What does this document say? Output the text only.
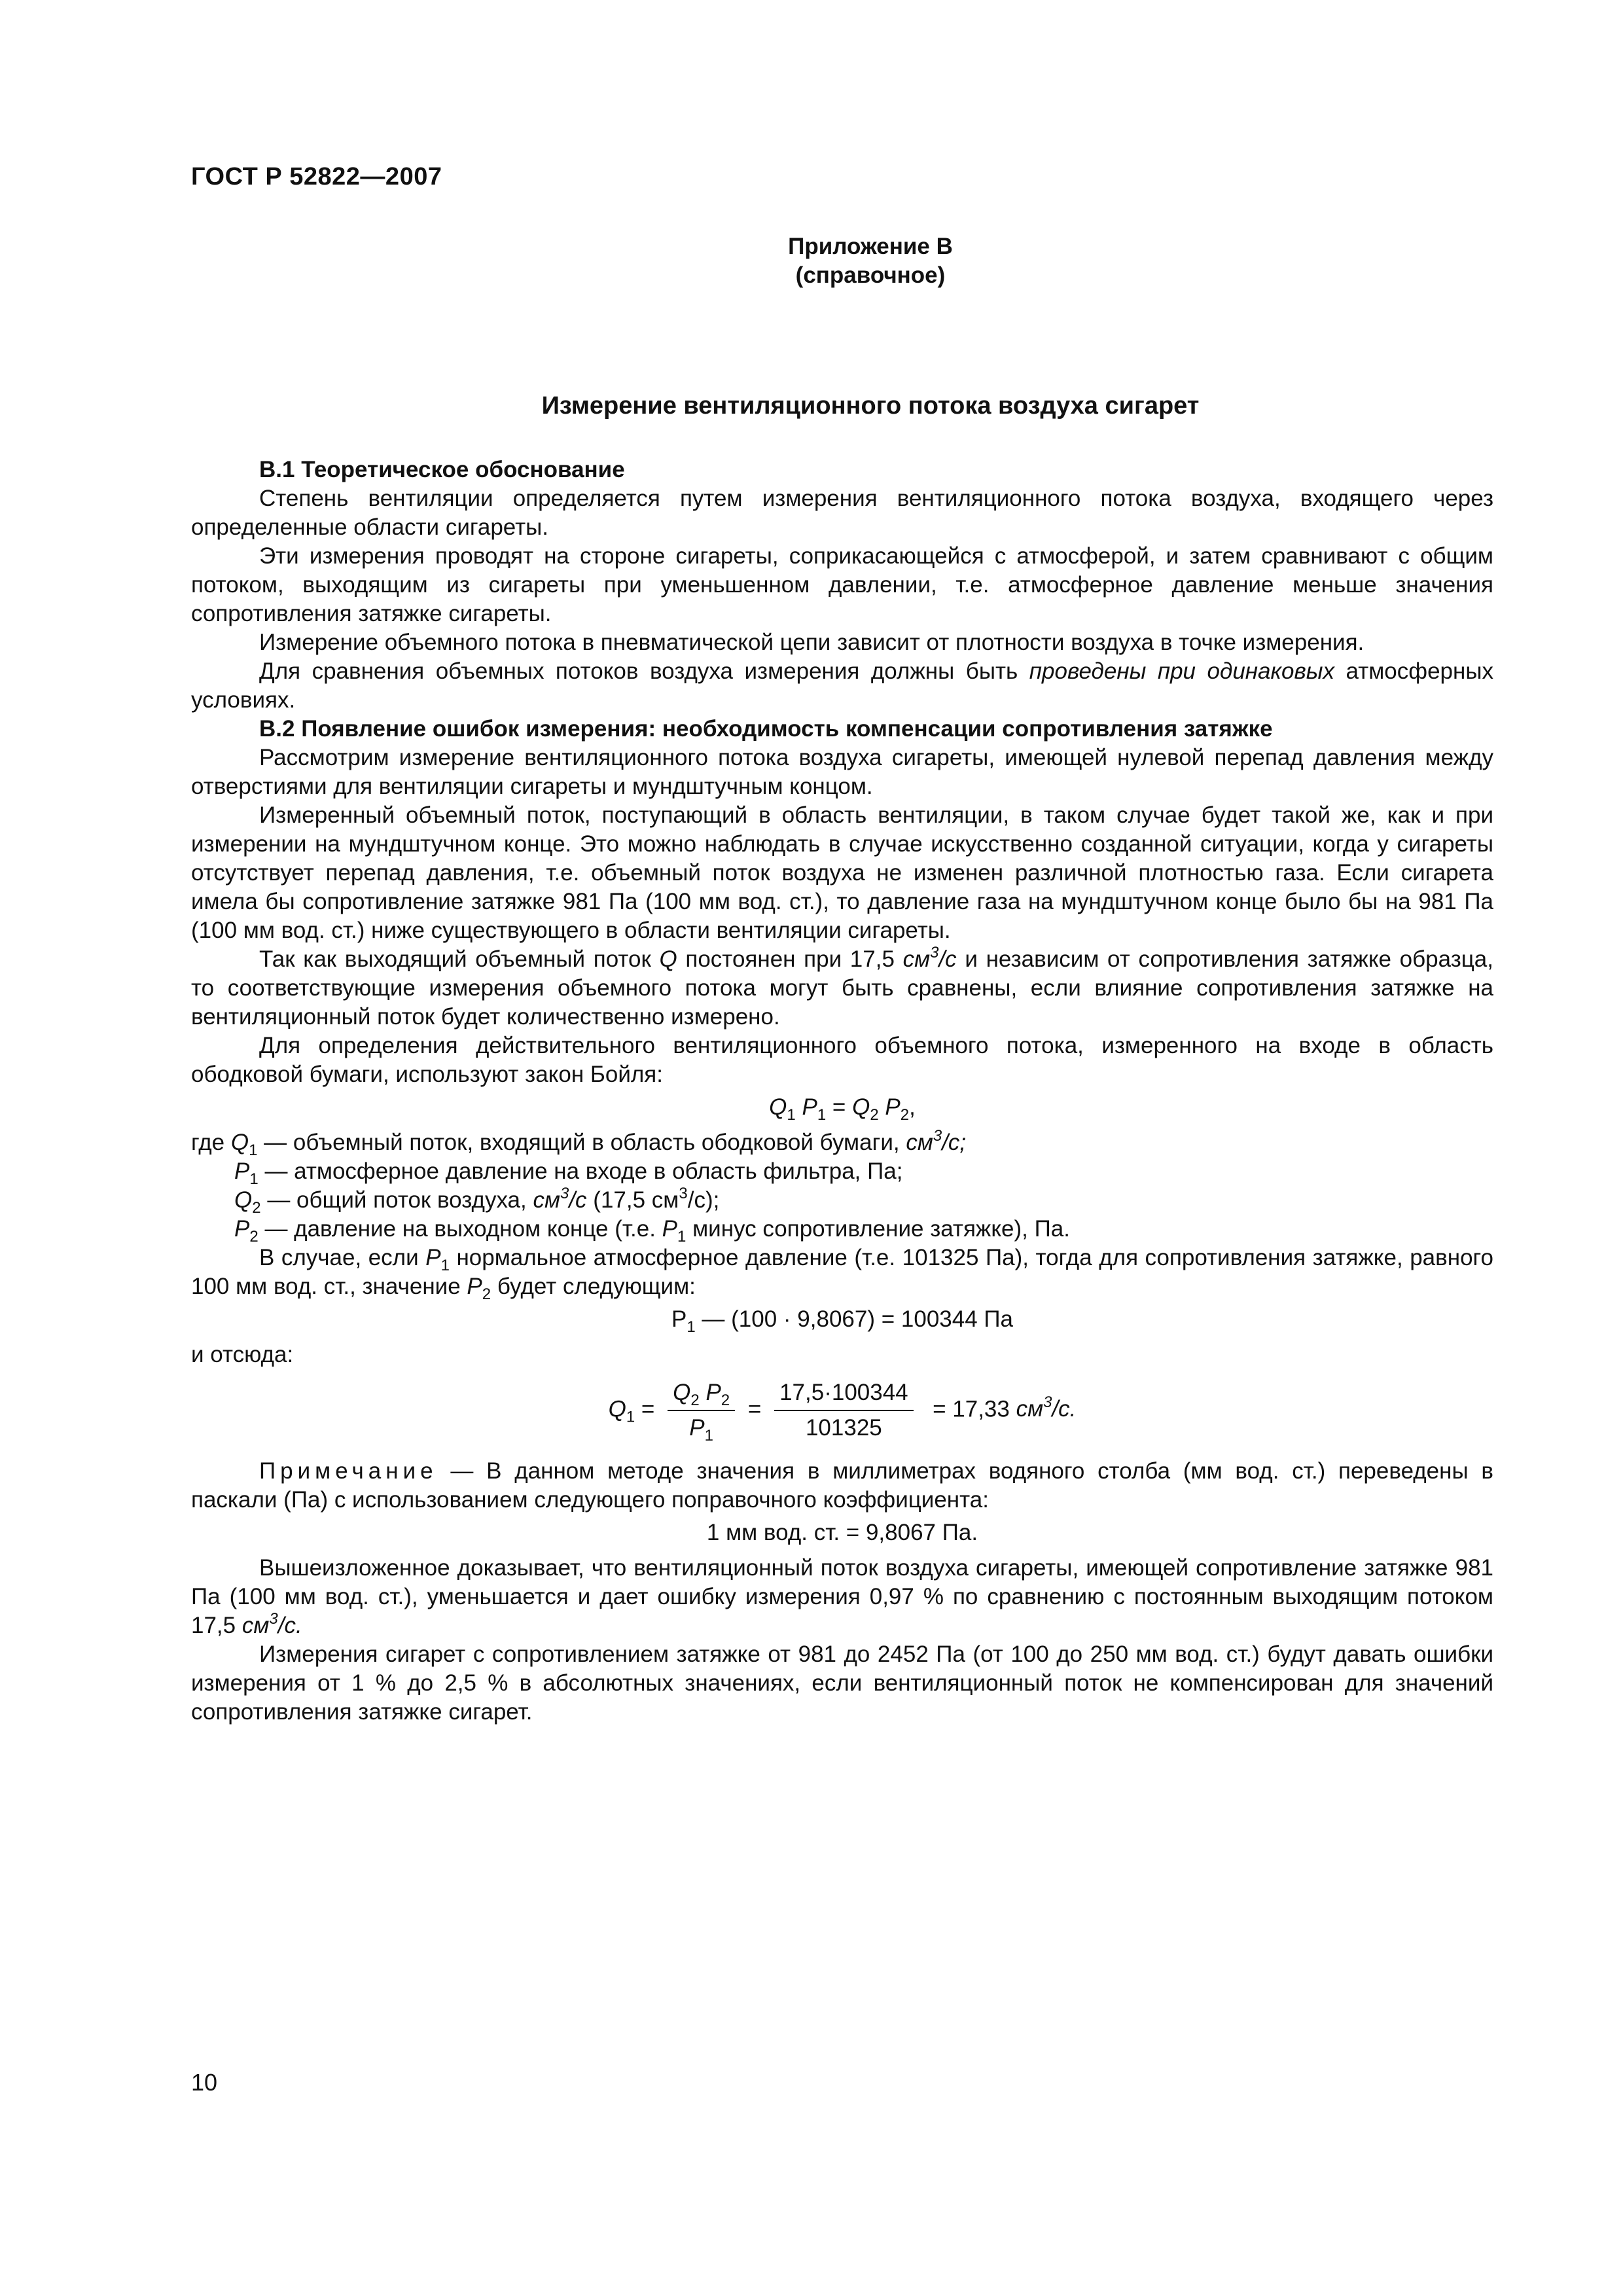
ГОСТ Р 52822—2007
Приложение В
(справочное)
Измерение вентиляционного потока воздуха сигарет

В.1 Теоретическое обоснование

Степень вентиляции определяется путем измерения вентиляционного потока воздуха, входящего через определенные области сигареты.

Эти измерения проводят на стороне сигареты, соприкасающейся с атмосферой, и затем сравнивают с общим потоком, выходящим из сигареты при уменьшенном давлении, т.е. атмосферное давление меньше значения сопротивления затяжке сигареты.

Измерение объемного потока в пневматической цепи зависит от плотности воздуха в точке измерения.

Для сравнения объемных потоков воздуха измерения должны быть проведены при одинаковых атмосферных условиях.

В.2 Появление ошибок измерения: необходимость компенсации сопротивления затяжке

Рассмотрим измерение вентиляционного потока воздуха сигареты, имеющей нулевой перепад давления между отверстиями для вентиляции сигареты и мундштучным концом.

Измеренный объемный поток, поступающий в область вентиляции, в таком случае будет такой же, как и при измерении на мундштучном конце. Это можно наблюдать в случае искусственно созданной ситуации, когда у сигареты отсутствует перепад давления, т.е. объемный поток воздуха не изменен различной плотностью газа. Если сигарета имела бы сопротивление затяжке 981 Па (100 мм вод. ст.), то давление газа на мундштучном конце было бы на 981 Па (100 мм вод. ст.) ниже существующего в области вентиляции сигареты.

Так как выходящий объемный поток Q постоянен при 17,5 $см^3/с$ и независим от сопротивления затяжке образца, то соответствующие измерения объемного потока могут быть сравнены, если влияние сопротивления затяжке на вентиляционный поток будет количественно измерено.

Для определения действительного вентиляционного объемного потока, измеренного на входе в область ободковой бумаги, используют закон Бойля:

$Q_1$ $P_1 = Q_2$ $P_2$,

где $Q_1$ — объемный поток, входящий в область ободковой бумаги, $см^3/с$;

$P_1$ — атмосферное давление на входе в область фильтра, Па;

$Q_2$ — общий поток воздуха, $см^3/с$ (17,5 $см^3/с$);

$P_2$ — давление на выходном конце (т.е. $P_1$ минус сопротивление затяжке), Па.

В случае, если $P_1$ нормальное атмосферное давление (т.е. 101325 Па), тогда для сопротивления затяжке, равного 100 мм вод. ст., значение $P_2$ будет следующим:

$P_1$ — (100 · 9,8067) = 100344 Па

и отсюда:

$Q_1 = \frac{Q_2 P_2}{P_1} = \frac{17,5\cdot 100344}{101325} = 17,33$ $см^3/с$.

Примечание — В данном методе значения в миллиметрах водяного столба (мм вод. ст.) переведены в паскали (Па) с использованием следующего поправочного коэффициента:

1 мм вод. ст. = 9,8067 Па.

Вышеизложенное доказывает, что вентиляционный поток воздуха сигареты, имеющей сопротивление затяжке 981 Па (100 мм вод. ст.), уменьшается и дает ошибку измерения 0,97 % по сравнению с постоянным выходящим потоком 17,5 $см^3/с$.

Измерения сигарет с сопротивлением затяжке от 981 до 2452 Па (от 100 до 250 мм вод. ст.) будут давать ошибки измерения от 1 % до 2,5 % в абсолютных значениях, если вентиляционный поток не компенсирован для значений сопротивления затяжке сигарет.

10
